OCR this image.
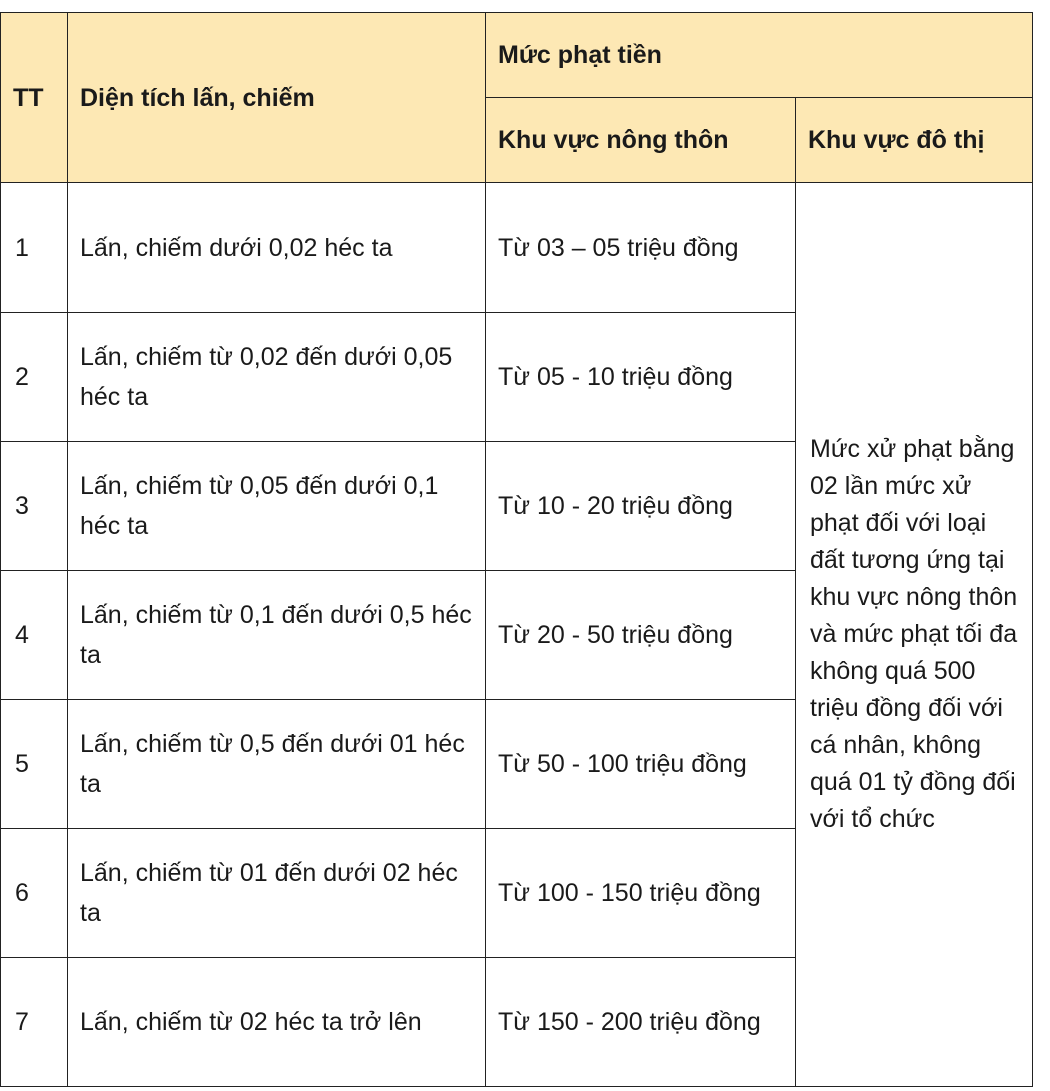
TT	Diện tích lấn, chiếm	Mức phạt tiền	
		Khu vực nông thôn	Khu vực đô thị
1	Lấn, chiếm dưới 0,02 héc ta	Từ 03 – 05 triệu đồng	Mức xử phạt bằng 02 lần mức xử phạt đối với loại đất tương ứng tại khu vực nông thôn và mức phạt tối đa không quá 500 triệu đồng đối với cá nhân, không quá 01 tỷ đồng đối với tổ chức
2	Lấn, chiếm từ 0,02 đến dưới 0,05 héc ta	Từ 05 - 10 triệu đồng	
3	Lấn, chiếm từ 0,05 đến dưới 0,1 héc ta	Từ 10 - 20 triệu đồng	
4	Lấn, chiếm từ 0,1 đến dưới 0,5 héc ta	Từ 20 - 50 triệu đồng	
5	Lấn, chiếm từ 0,5 đến dưới 01 héc ta	Từ 50 - 100 triệu đồng	
6	Lấn, chiếm từ 01 đến dưới 02 héc ta	Từ 100 - 150 triệu đồng	
7	Lấn, chiếm từ 02 héc ta trở lên	Từ 150 - 200 triệu đồng	
